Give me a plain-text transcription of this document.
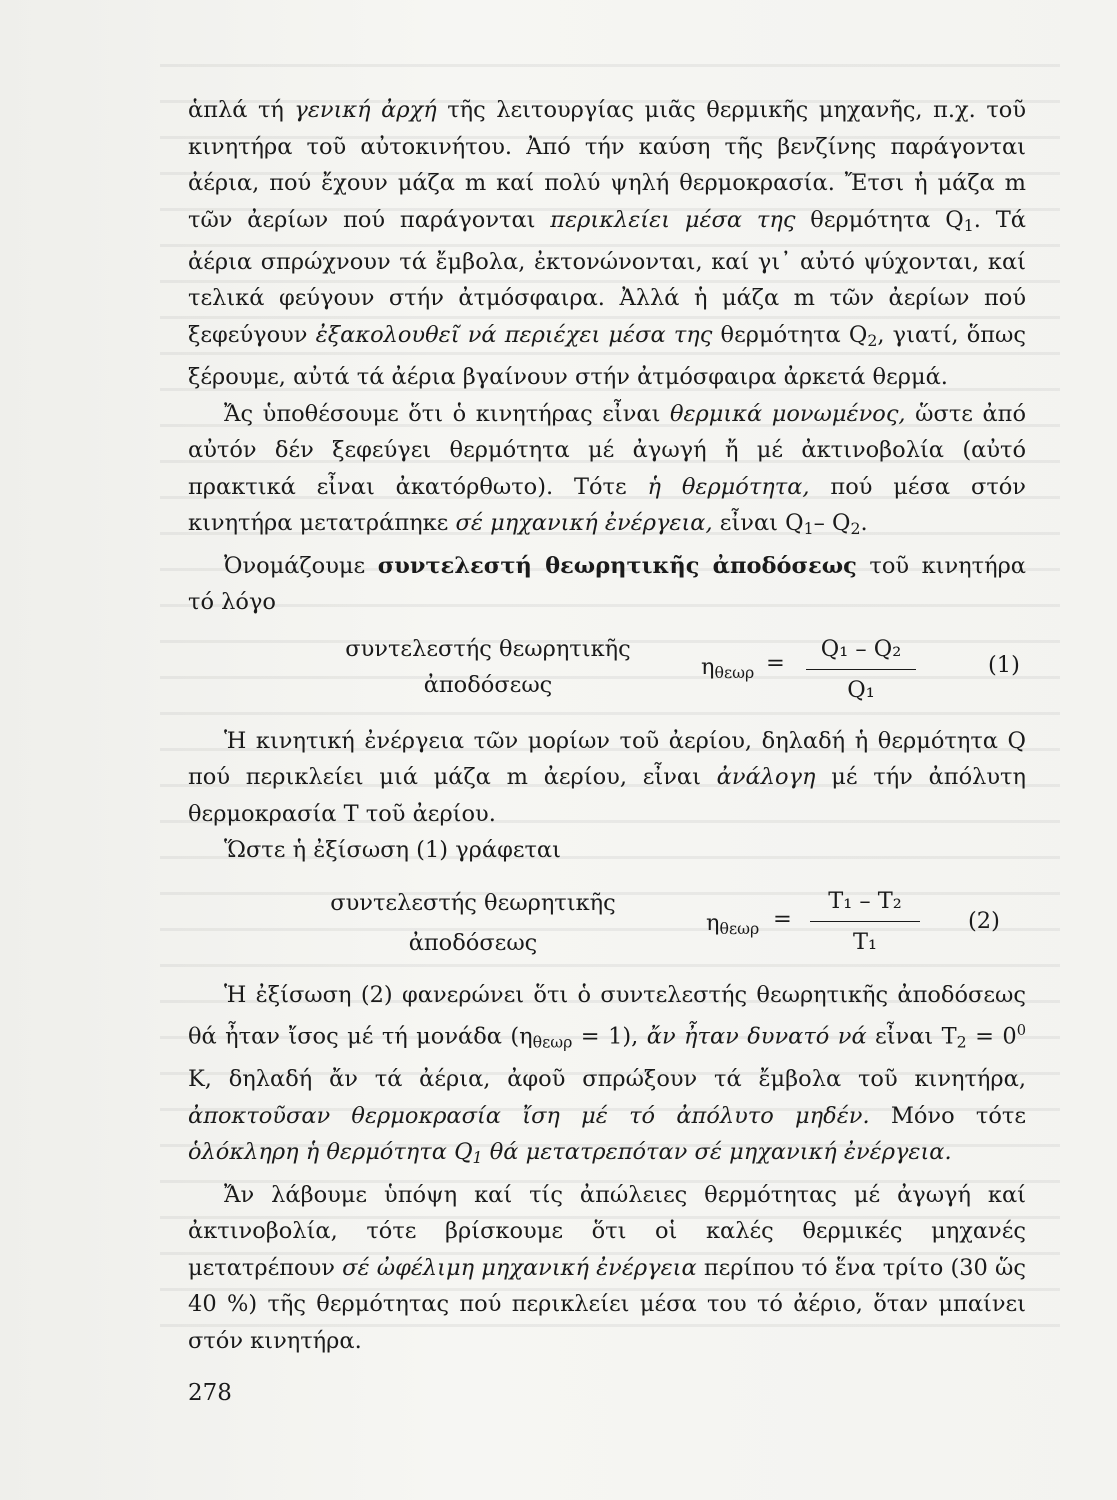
ἁπλά τή γενική ἀρχή τῆς λειτουργίας μιᾶς θερμικῆς μηχανῆς, π.χ. τοῦ κινητήρα τοῦ αὐτοκινήτου. Ἀπό τήν καύση τῆς βενζίνης παράγονται ἀέρια, πού ἔχουν μάζα m καί πολύ ψηλή θερμοκρασία. Ἔτσι ἡ μάζα m τῶν ἀερίων πού παράγονται περικλείει μέσα της θερμότητα $Q_1$. Τά ἀέρια σπρώχνουν τά ἔμβολα, ἐκτονώνονται, καί γι᾽ αὐτό ψύχονται, καί τελικά φεύγουν στήν ἀτμόσφαιρα. Ἀλλά ἡ μάζα m τῶν ἀερίων πού ξεφεύγουν ἐξακολουθεῖ νά περιέχει μέσα της θερμότητα $Q_2$, γιατί, ὅπως ξέρουμε, αὐτά τά ἀέρια βγαίνουν στήν ἀτμόσφαιρα ἀρκετά θερμά.

Ἄς ὑποθέσουμε ὅτι ὁ κινητήρας εἶναι θερμικά μονωμένος, ὥστε ἀπό αὐτόν δέν ξεφεύγει θερμότητα μέ ἀγωγή ἤ μέ ἀκτινοβολία (αὐτό πρακτικά εἶναι ἀκατόρθωτο). Τότε ἡ θερμότητα, πού μέσα στόν κινητήρα μετατράπηκε σέ μηχανική ἐνέργεια, εἶναι $Q_1-$ $Q_2$.

Ὀνομάζουμε συντελεστή θεωρητικῆς ἀποδόσεως τοῦ κινητήρα τό λόγο

συντελεστής θεωρητικῆς
ἀποδόσεως
$\eta_{\theta\varepsilon\omega\rho} = \frac{\text{Q₁ – Q₂}}{\text{Q₁}}$	(1)

Ἡ κινητική ἐνέργεια τῶν μορίων τοῦ ἀερίου, δηλαδή ἡ θερμότητα Q πού περικλείει μιά μάζα m ἀερίου, εἶναι ἀνάλογη μέ τήν ἀπόλυτη θερμοκρασία T τοῦ ἀερίου.

Ὥστε ἡ ἐξίσωση (1) γράφεται

συντελεστής θεωρητικῆς
ἀποδόσεως
$\eta_{\theta\varepsilon\omega\rho} = \frac{\text{T₁ – T₂}}{\text{T₁}} (2)$

Ἡ ἐξίσωση (2) φανερώνει ὅτι ὁ συντελεστής θεωρητικῆς ἀποδόσεως θά ἦταν ἴσος μέ τή μονάδα $(\eta_{\theta\varepsilon\omega\rho} = 1)$, ἄν ἦταν δυνατό νά εἶναι $T_2 = 0^0$ K, δηλαδή ἄν τά ἀέρια, ἀφοῦ σπρώξουν τά ἔμβολα τοῦ κινητήρα, ἀποκτοῦσαν θερμοκρασία ἴση μέ τό ἀπόλυτο μηδέν. Μόνο τότε ὁλόκληρη ἡ θερμότητα $Q_1$ θά μετατρεπόταν σέ μηχανική ἐνέργεια.

Ἄν λάβουμε ὑπόψη καί τίς ἀπώλειες θερμότητας μέ ἀγωγή καί ἀκτινοβολία, τότε βρίσκουμε ὅτι οἱ καλές θερμικές μηχανές μετατρέπουν σέ ὠφέλιμη μηχανική ἐνέργεια περίπου τό ἕνα τρίτο (30 ὥς 40 %) τῆς θερμότητας πού περικλείει μέσα του τό ἀέριο, ὅταν μπαίνει στόν κινητήρα.

278
